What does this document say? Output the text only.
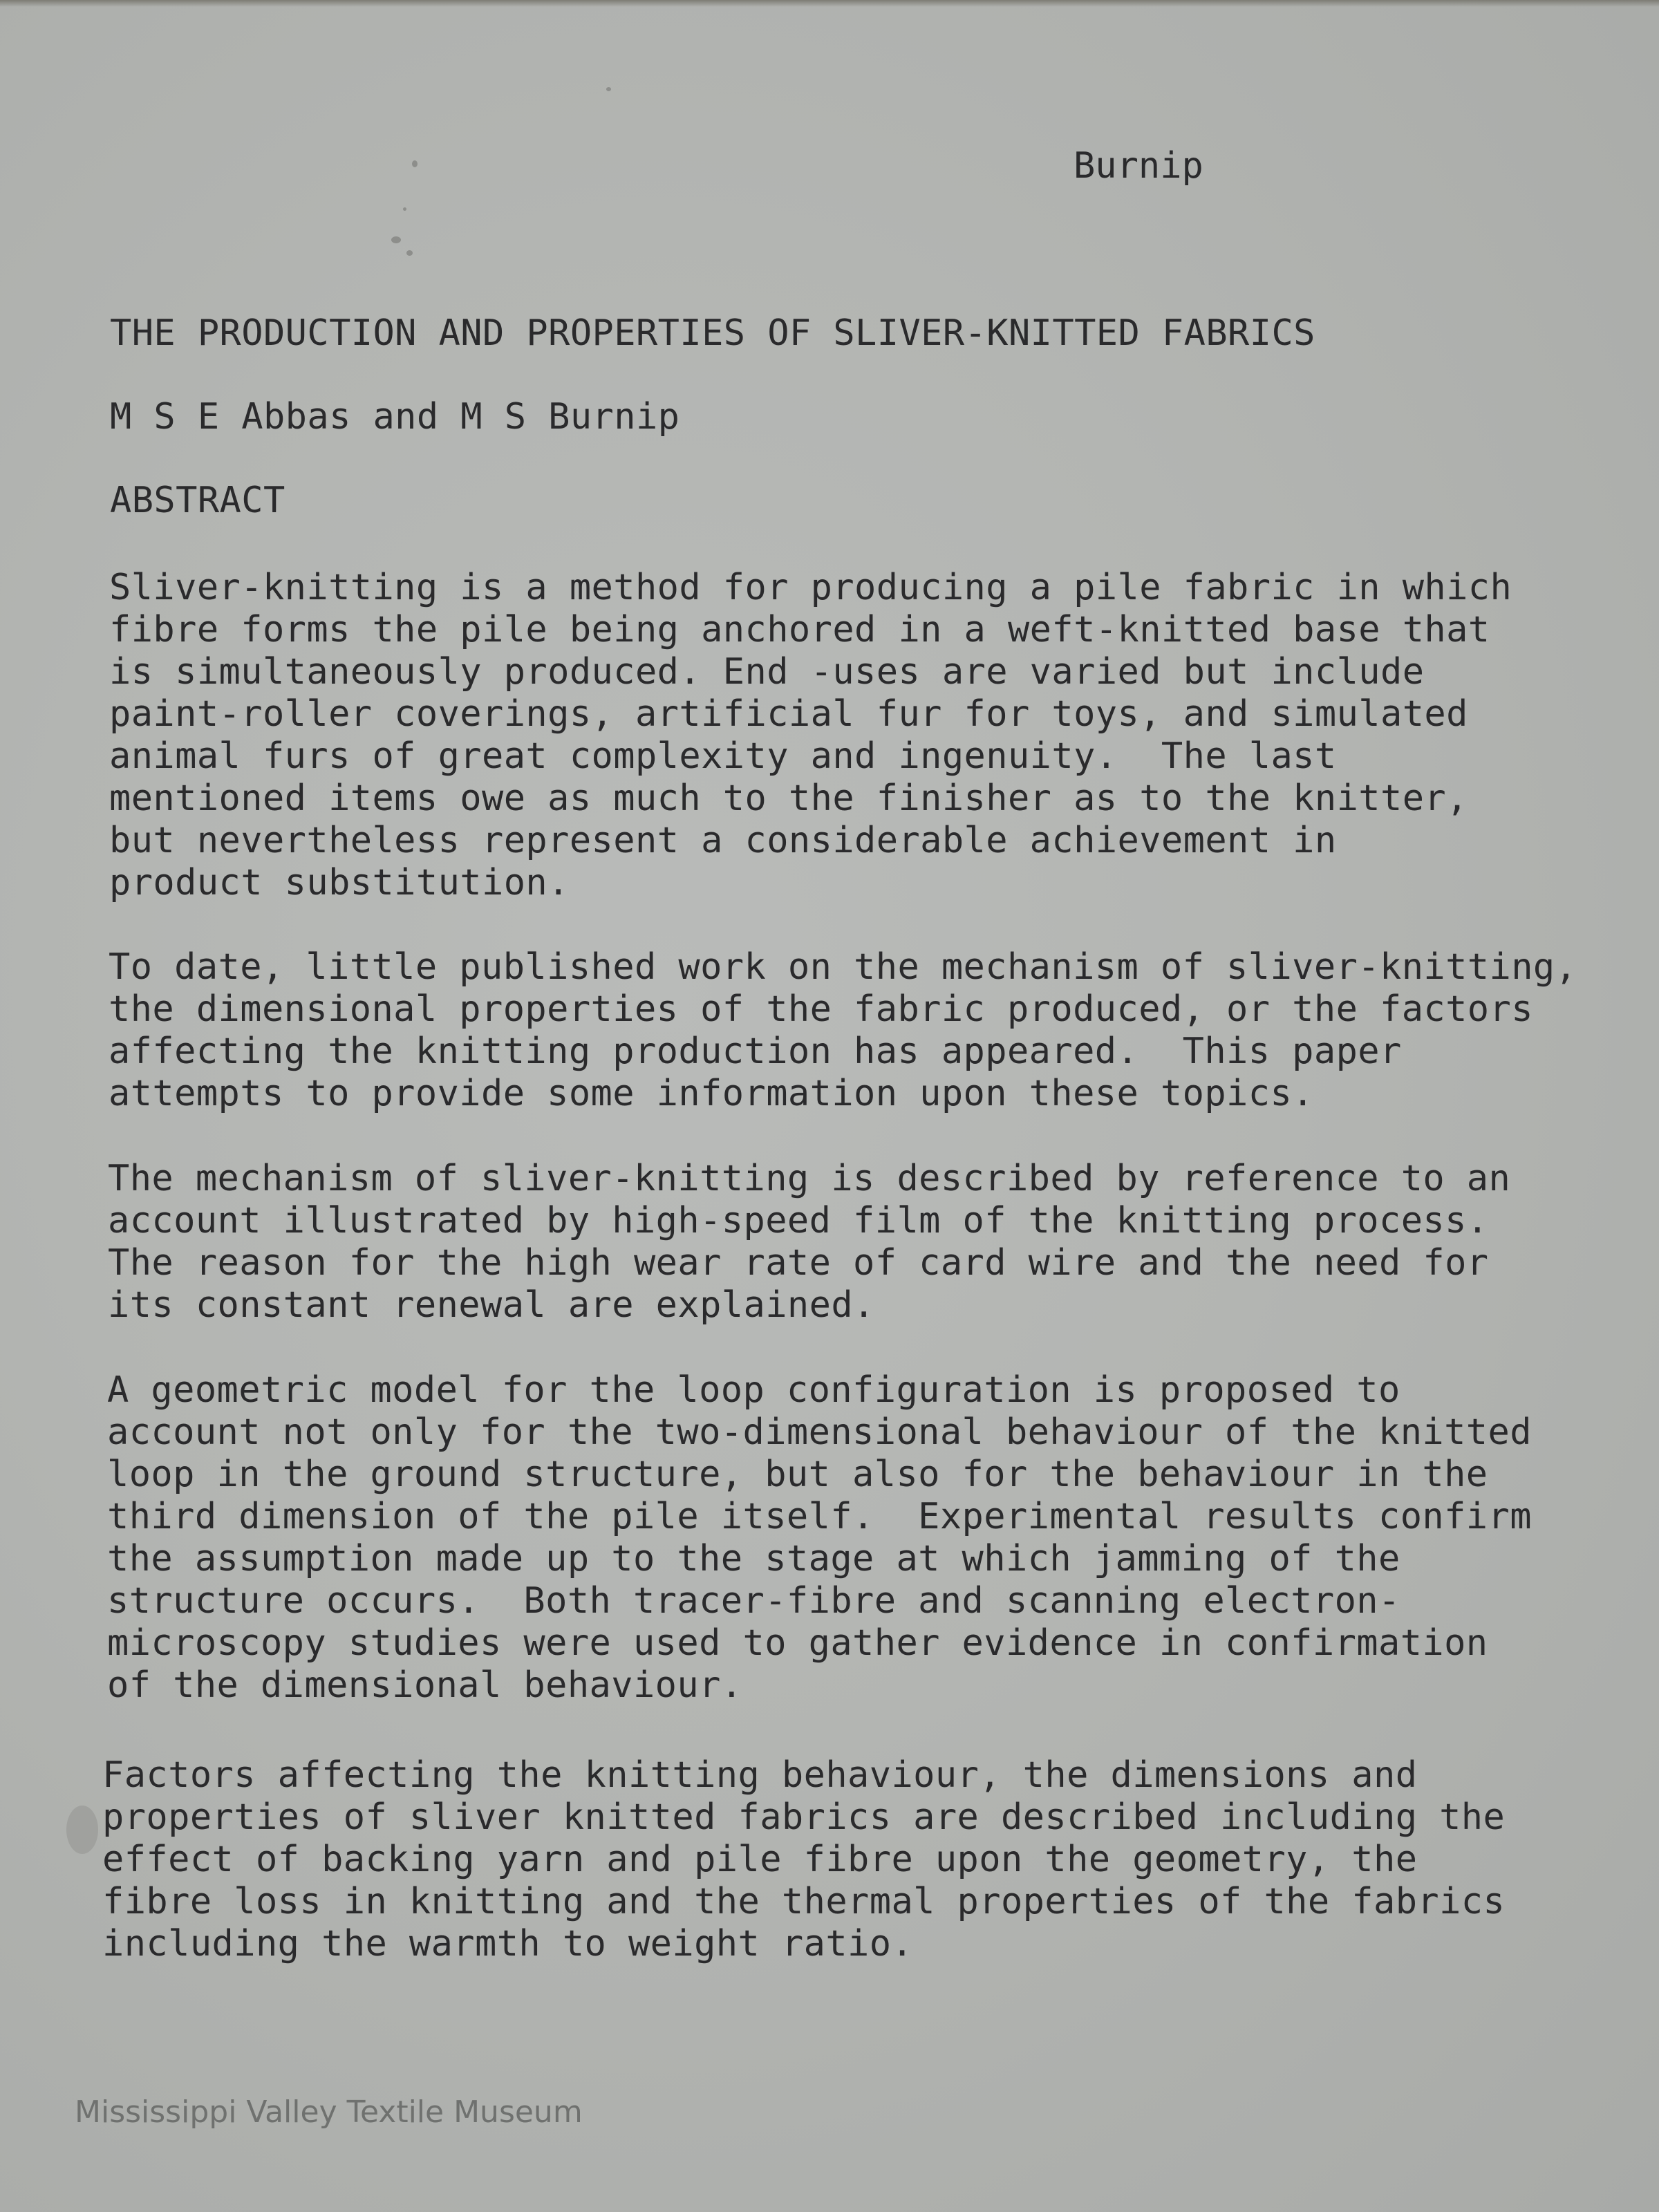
Burnip
THE PRODUCTION AND PROPERTIES OF SLIVER-KNITTED FABRICS
M S E Abbas and M S Burnip
ABSTRACT
Sliver-knitting is a method for producing a pile fabric in which
fibre forms the pile being anchored in a weft-knitted base that
is simultaneously produced. End -uses are varied but include
paint-roller coverings, artificial fur for toys, and simulated
animal furs of great complexity and ingenuity.  The last
mentioned items owe as much to the finisher as to the knitter,
but nevertheless represent a considerable achievement in
product substitution.
To date, little published work on the mechanism of sliver-knitting,
the dimensional properties of the fabric produced, or the factors
affecting the knitting production has appeared.  This paper
attempts to provide some information upon these topics.
The mechanism of sliver-knitting is described by reference to an
account illustrated by high-speed film of the knitting process.
The reason for the high wear rate of card wire and the need for
its constant renewal are explained.
A geometric model for the loop configuration is proposed to
account not only for the two-dimensional behaviour of the knitted
loop in the ground structure, but also for the behaviour in the
third dimension of the pile itself.  Experimental results confirm
the assumption made up to the stage at which jamming of the
structure occurs.  Both tracer-fibre and scanning electron-
microscopy studies were used to gather evidence in confirmation
of the dimensional behaviour.
Factors affecting the knitting behaviour, the dimensions and
properties of sliver knitted fabrics are described including the
effect of backing yarn and pile fibre upon the geometry, the
fibre loss in knitting and the thermal properties of the fabrics
including the warmth to weight ratio.
Mississippi Valley Textile Museum
